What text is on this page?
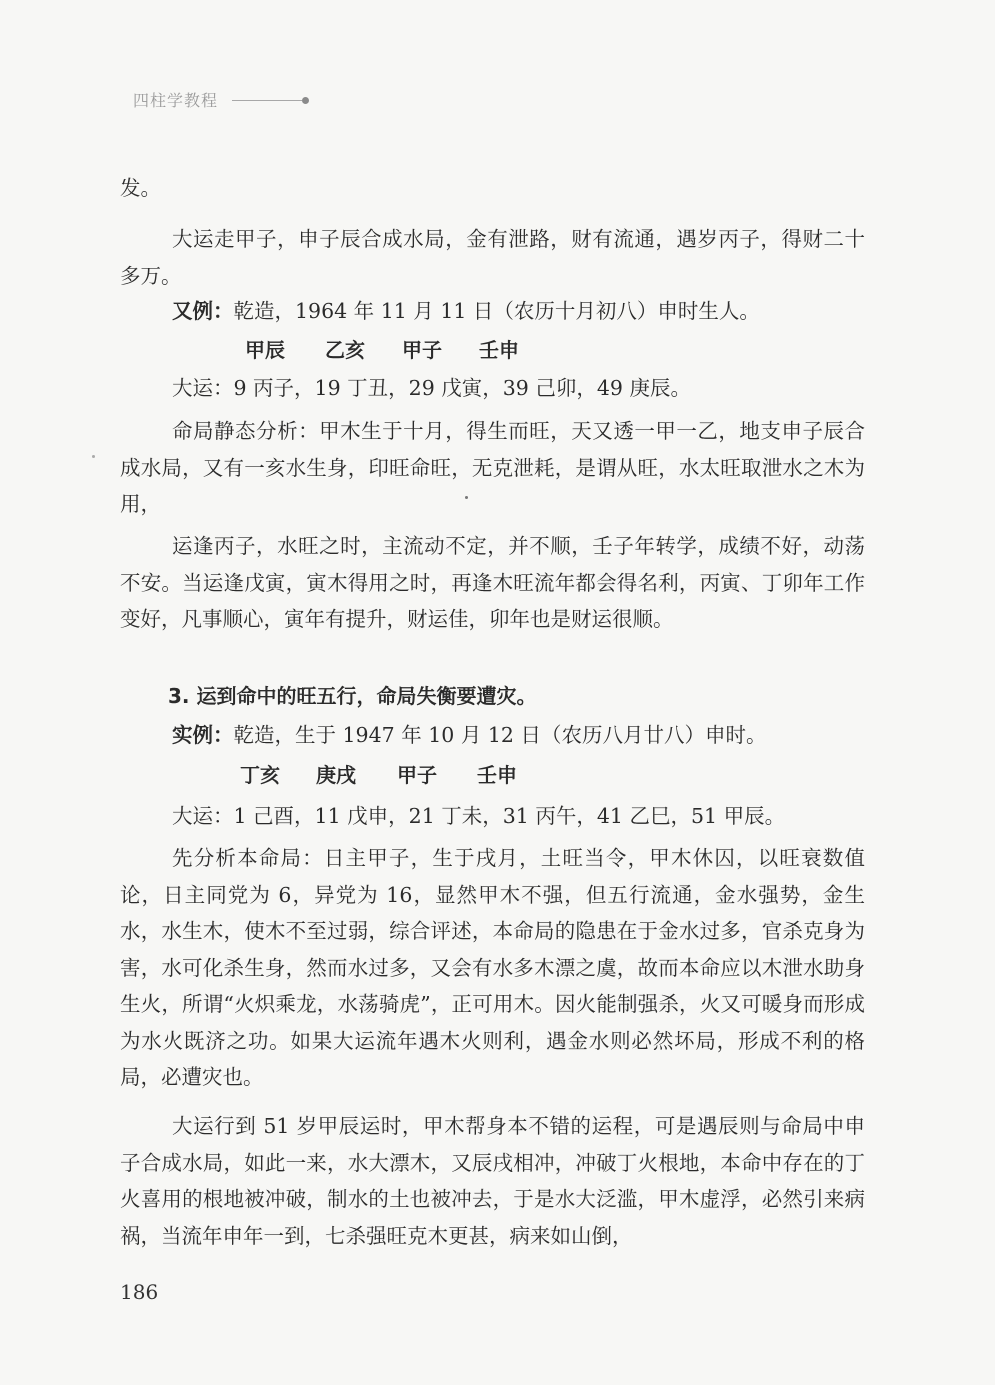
四柱学教程

发。

大运走甲子，申子辰合成水局，金有泄路，财有流通，遇岁丙子，得财二十多万。

又例：乾造，1964 年 11 月 11 日（农历十月初八）申时生人。

甲辰	乙亥	甲子	壬申

大运：9 丙子，19 丁丑，29 戊寅，39 己卯，49 庚辰。

命局静态分析：甲木生于十月，得生而旺，天又透一甲一乙，地支申子辰合成水局，又有一亥水生身，印旺命旺，无克泄耗，是谓从旺，水太旺取泄水之木为用，

运逢丙子，水旺之时，主流动不定，并不顺，壬子年转学，成绩不好，动荡不安。当运逢戊寅，寅木得用之时，再逢木旺流年都会得名利，丙寅、丁卯年工作变好，凡事顺心，寅年有提升，财运佳，卯年也是财运很顺。

3. 运到命中的旺五行，命局失衡要遭灾。

实例：乾造，生于 1947 年 10 月 12 日（农历八月廿八）申时。

丁亥	庚戌	甲子	壬申

大运：1 己酉，11 戊申，21 丁未，31 丙午，41 乙巳，51 甲辰。

先分析本命局：日主甲子，生于戌月，土旺当令，甲木休囚，以旺衰数值论，日主同党为 6，异党为 16，显然甲木不强，但五行流通，金水强势，金生水，水生木，使木不至过弱，综合评述，本命局的隐患在于金水过多，官杀克身为害，水可化杀生身，然而水过多，又会有水多木漂之虞，故而本命应以木泄水助身生火，所谓“火炽乘龙，水荡骑虎”，正可用木。因火能制强杀，火又可暖身而形成为水火既济之功。如果大运流年遇木火则利，遇金水则必然坏局，形成不利的格局，必遭灾也。

大运行到 51 岁甲辰运时，甲木帮身本不错的运程，可是遇辰则与命局中申子合成水局，如此一来，水大漂木，又辰戌相冲，冲破丁火根地，本命中存在的丁火喜用的根地被冲破，制水的土也被冲去，于是水大泛滥，甲木虚浮，必然引来病祸，当流年申年一到，七杀强旺克木更甚，病来如山倒，

186
